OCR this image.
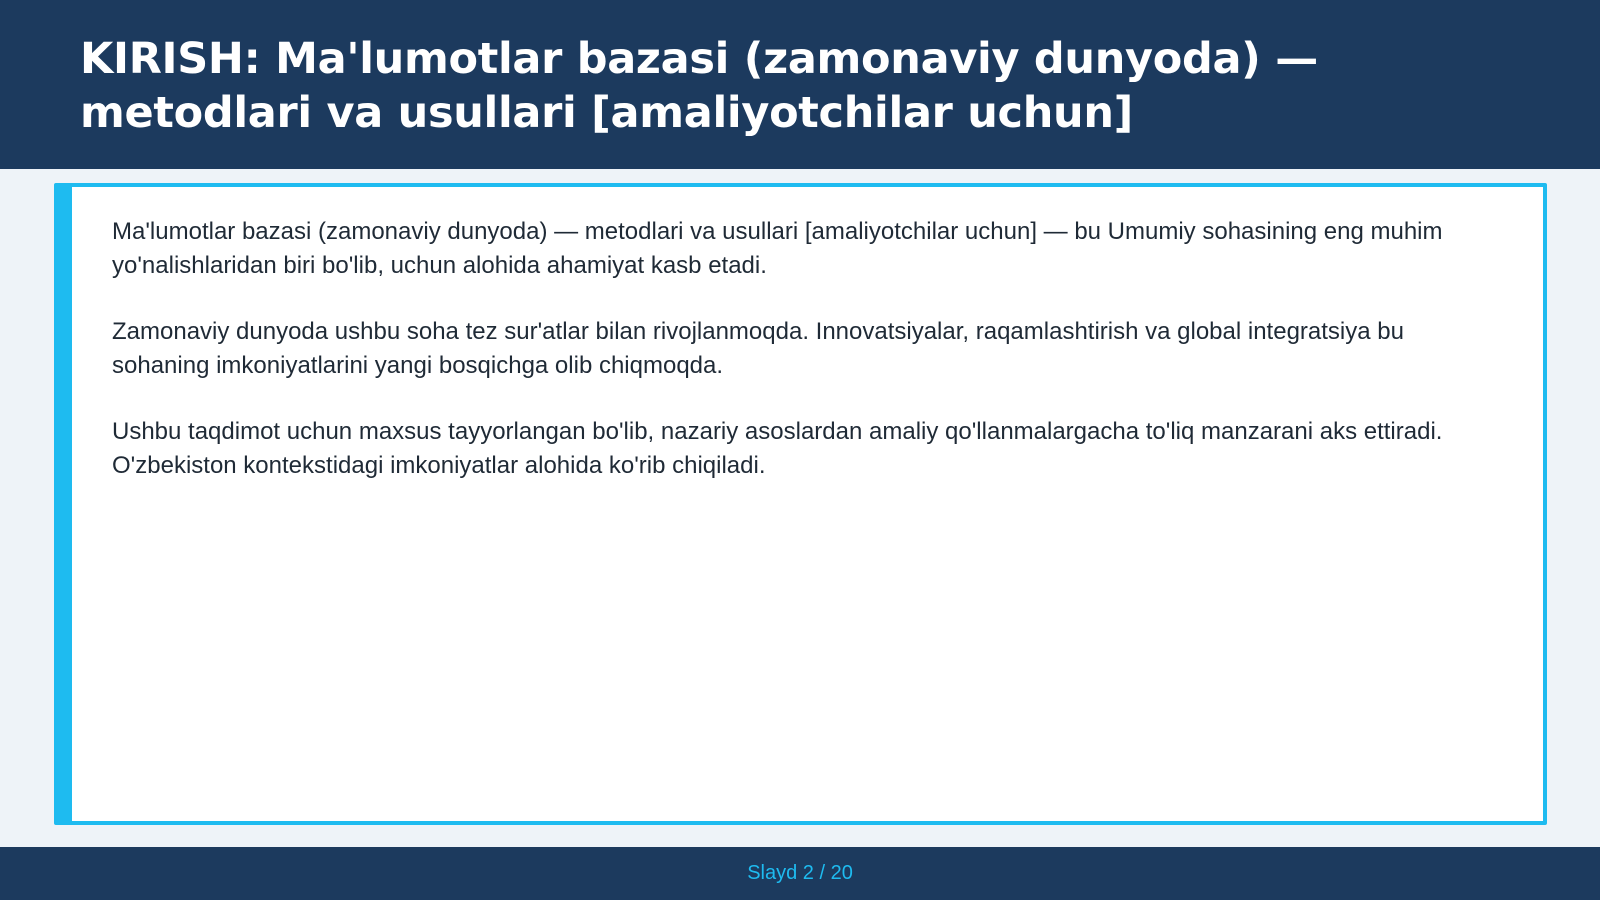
KIRISH: Ma'lumotlar bazasi (zamonaviy dunyoda) — metodlari va usullari [amaliyotchilar uchun]

Ma'lumotlar bazasi (zamonaviy dunyoda) — metodlari va usullari [amaliyotchilar uchun] — bu Umumiy sohasining eng muhim yo'nalishlaridan biri bo'lib, uchun alohida ahamiyat kasb etadi.

Zamonaviy dunyoda ushbu soha tez sur'atlar bilan rivojlanmoqda. Innovatsiyalar, raqamlashtirish va global integratsiya bu sohaning imkoniyatlarini yangi bosqichga olib chiqmoqda.

Ushbu taqdimot uchun maxsus tayyorlangan bo'lib, nazariy asoslardan amaliy qo'llanmalargacha to'liq manzarani aks ettiradi. O'zbekiston kontekstidagi imkoniyatlar alohida ko'rib chiqiladi.

Slayd 2 / 20
